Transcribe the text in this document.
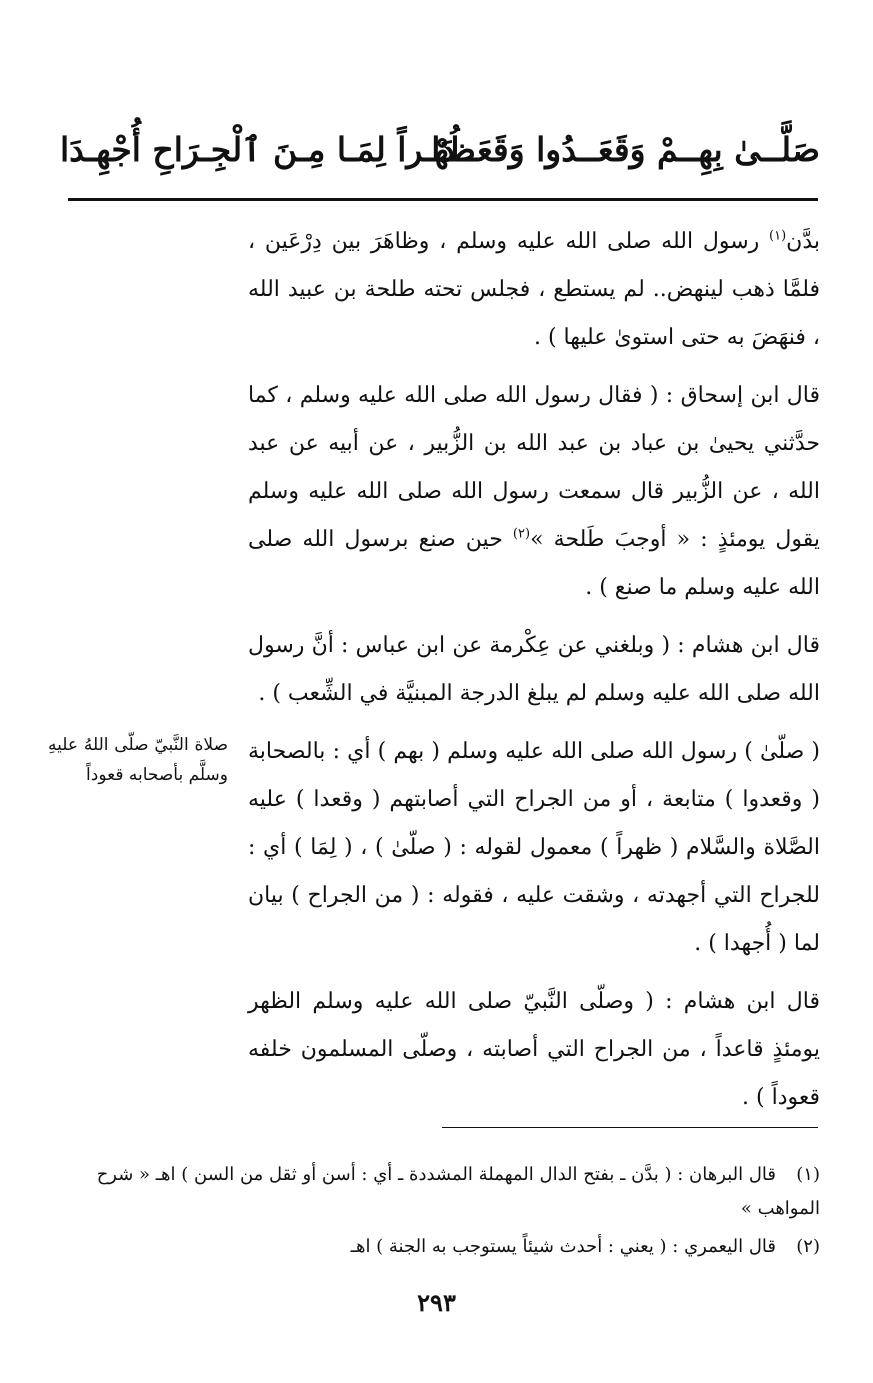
صَلَّــىٰ بِهِــمْ وَقَعَــدُوا وَقَعَــدَا
ظُهْـراً لِمَـا مِـنَ ٱلْجِـرَاحِ أُجْهِـدَا

بدَّن$^{(١)}$ رسول الله صلى الله عليه وسلم ، وظاهَرَ بين دِرْعَين ، فلمَّا ذهب لينهض.. لم يستطع ، فجلس تحته طلحة بن عبيد الله ، فنهَضَ به حتى استوىٰ عليها ) .

قال ابن إسحاق : ( فقال رسول الله صلى الله عليه وسلم ، كما حدَّثني يحيىٰ بن عباد بن عبد الله بن الزُّبير ، عن أبيه عن عبد الله ، عن الزُّبير قال سمعت رسول الله صلى الله عليه وسلم يقول يومئذٍ : « أوجبَ طَلحة »$^{(٢)}$ حين صنع برسول الله صلى الله عليه وسلم ما صنع ) .

قال ابن هشام : ( وبلغني عن عِكْرمة عن ابن عباس : أنَّ رسول الله صلى الله عليه وسلم لم يبلغ الدرجة المبنيَّة في الشِّعب ) .

( صلّىٰ ) رسول الله صلى الله عليه وسلم ( بهم ) أي : بالصحابة ( وقعدوا ) متابعة ، أو من الجراح التي أصابتهم ( وقعدا ) عليه الصَّلاة والسَّلام ( ظهراً ) معمول لقوله : ( صلّىٰ ) ، ( لِمَا ) أي : للجراح التي أجهدته ، وشقت عليه ، فقوله : ( من الجراح ) بيان لما ( أُجهدا ) .

قال ابن هشام : ( وصلّى النَّبيّ صلى الله عليه وسلم الظهر يومئذٍ قاعداً ، من الجراح التي أصابته ، وصلّى المسلمون خلفه قعوداً ) .

صلاة النَّبيّ صلّى اللهُ عليهِ وسلَّم بأصحابه قعوداً
(١)قال البرهان : ( بدَّن ـ بفتح الدال المهملة المشددة ـ أي : أسن أو ثقل من السن ) اهـ « شرح المواهب »
(٢)قال اليعمري : ( يعني : أحدث شيئاً يستوجب به الجنة ) اهـ
٢٩٣
